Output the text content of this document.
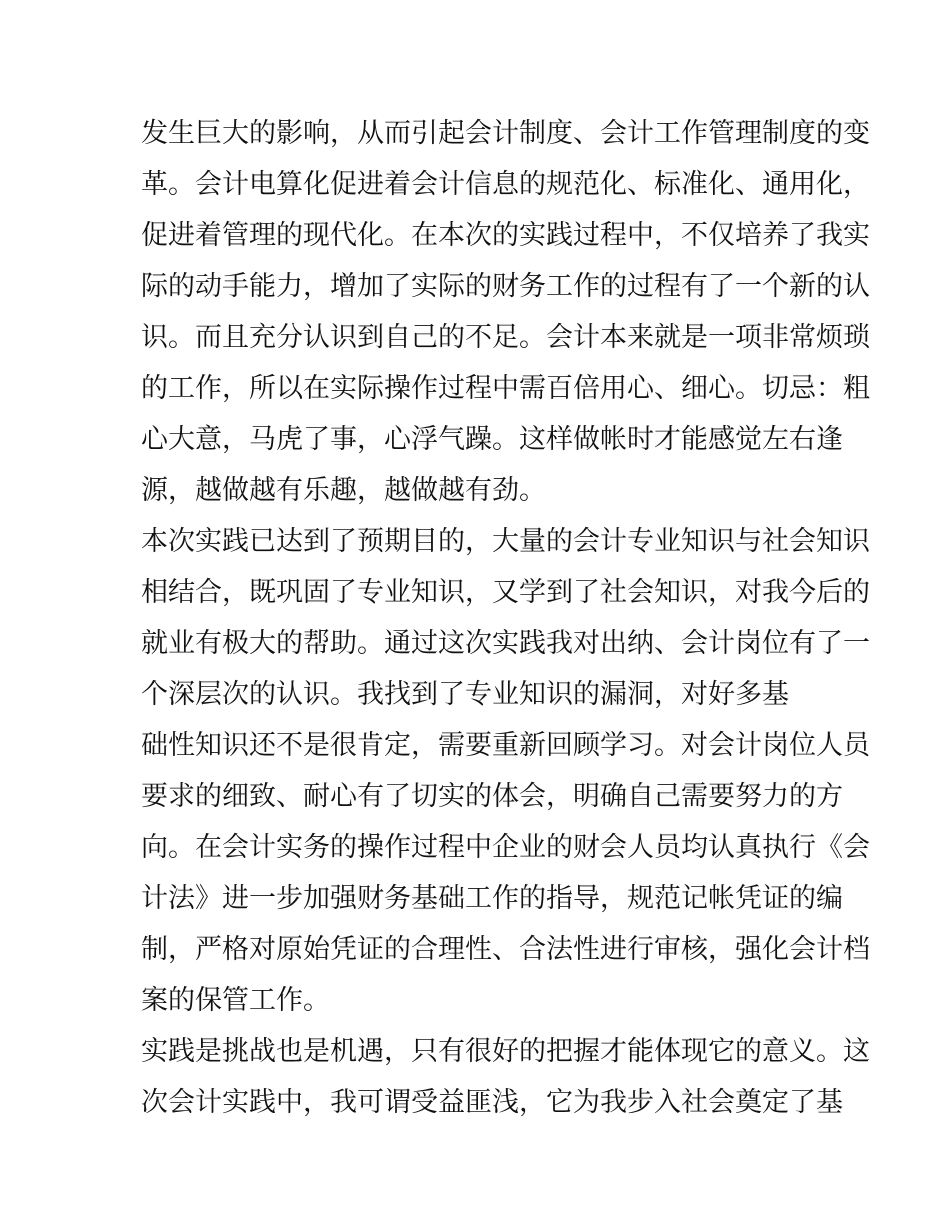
发生巨大的影响，从而引起会计制度、会计工作管理制度的变

革。会计电算化促进着会计信息的规范化、标准化、通用化，

促进着管理的现代化。在本次的实践过程中，不仅培养了我实

际的动手能力，增加了实际的财务工作的过程有了一个新的认

识。而且充分认识到自己的不足。会计本来就是一项非常烦琐

的工作，所以在实际操作过程中需百倍用心、细心。切忌：粗

心大意，马虎了事，心浮气躁。这样做帐时才能感觉左右逢

源，越做越有乐趣，越做越有劲。

本次实践已达到了预期目的，大量的会计专业知识与社会知识

相结合，既巩固了专业知识，又学到了社会知识，对我今后的

就业有极大的帮助。通过这次实践我对出纳、会计岗位有了一

个深层次的认识。我找到了专业知识的漏洞，对好多基

础性知识还不是很肯定，需要重新回顾学习。对会计岗位人员

要求的细致、耐心有了切实的体会，明确自己需要努力的方

向。在会计实务的操作过程中企业的财会人员均认真执行《会

计法》进一步加强财务基础工作的指导，规范记帐凭证的编

制，严格对原始凭证的合理性、合法性进行审核，强化会计档

案的保管工作。

实践是挑战也是机遇，只有很好的把握才能体现它的意义。这

次会计实践中，我可谓受益匪浅，它为我步入社会奠定了基
